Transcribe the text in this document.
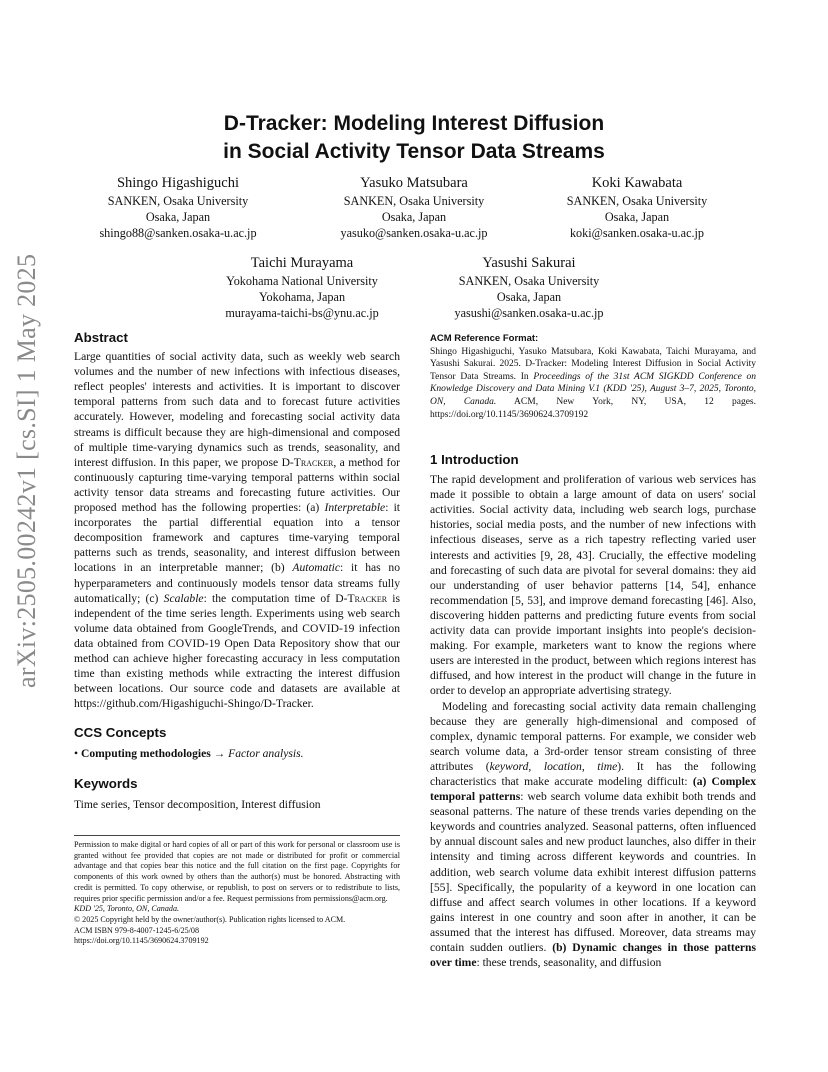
arXiv:2505.00242v1 [cs.SI] 1 May 2025
D-Tracker: Modeling Interest Diffusion
in Social Activity Tensor Data Streams
Shingo Higashiguchi
SANKEN, Osaka University
Osaka, Japan
shingo88@sanken.osaka-u.ac.jp
Yasuko Matsubara
SANKEN, Osaka University
Osaka, Japan
yasuko@sanken.osaka-u.ac.jp
Koki Kawabata
SANKEN, Osaka University
Osaka, Japan
koki@sanken.osaka-u.ac.jp
Taichi Murayama
Yokohama National University
Yokohama, Japan
murayama-taichi-bs@ynu.ac.jp
Yasushi Sakurai
SANKEN, Osaka University
Osaka, Japan
yasushi@sanken.osaka-u.ac.jp
Abstract

Large quantities of social activity data, such as weekly web search volumes and the number of new infections with infectious diseases, reflect peoples' interests and activities. It is important to discover temporal patterns from such data and to forecast future activities accurately. However, modeling and forecasting social activity data streams is difficult because they are high-dimensional and composed of multiple time-varying dynamics such as trends, seasonality, and interest diffusion. In this paper, we propose D-Tracker, a method for continuously capturing time-varying temporal patterns within social activity tensor data streams and forecasting future activities. Our proposed method has the following properties: (a) Interpretable: it incorporates the partial differential equation into a tensor decomposition framework and captures time-varying temporal patterns such as trends, seasonality, and interest diffusion between locations in an interpretable manner; (b) Automatic: it has no hyperparameters and continuously models tensor data streams fully automatically; (c) Scalable: the computation time of D-Tracker is independent of the time series length. Experiments using web search volume data obtained from GoogleTrends, and COVID-19 infection data obtained from COVID-19 Open Data Repository show that our method can achieve higher forecasting accuracy in less computation time than existing methods while extracting the interest diffusion between locations. Our source code and datasets are available at https://github.com/Higashiguchi-Shingo/D-Tracker.

CCS Concepts

• Computing methodologies → Factor analysis.

Keywords

Time series, Tensor decomposition, Interest diffusion

Permission to make digital or hard copies of all or part of this work for personal or classroom use is granted without fee provided that copies are not made or distributed for profit or commercial advantage and that copies bear this notice and the full citation on the first page. Copyrights for components of this work owned by others than the author(s) must be honored. Abstracting with credit is permitted. To copy otherwise, or republish, to post on servers or to redistribute to lists, requires prior specific permission and/or a fee. Request permissions from permissions@acm.org.

KDD '25, Toronto, ON, Canada.

© 2025 Copyright held by the owner/author(s). Publication rights licensed to ACM.

ACM ISBN 979-8-4007-1245-6/25/08

https://doi.org/10.1145/3690624.3709192

ACM Reference Format:

Shingo Higashiguchi, Yasuko Matsubara, Koki Kawabata, Taichi Murayama, and Yasushi Sakurai. 2025. D-Tracker: Modeling Interest Diffusion in Social Activity Tensor Data Streams. In Proceedings of the 31st ACM SIGKDD Conference on Knowledge Discovery and Data Mining V.1 (KDD '25), August 3–7, 2025, Toronto, ON, Canada. ACM, New York, NY, USA, 12 pages. https://doi.org/10.1145/3690624.3709192

1 Introduction

The rapid development and proliferation of various web services has made it possible to obtain a large amount of data on users' social activities. Social activity data, including web search logs, purchase histories, social media posts, and the number of new infections with infectious diseases, serve as a rich tapestry reflecting varied user interests and activities [9, 28, 43]. Crucially, the effective modeling and forecasting of such data are pivotal for several domains: they aid our understanding of user behavior patterns [14, 54], enhance recommendation [5, 53], and improve demand forecasting [46]. Also, discovering hidden patterns and predicting future events from social activity data can provide important insights into people's decision-making. For example, marketers want to know the regions where users are interested in the product, between which regions interest has diffused, and how interest in the product will change in the future in order to develop an appropriate advertising strategy.

Modeling and forecasting social activity data remain challenging because they are generally high-dimensional and composed of complex, dynamic temporal patterns. For example, we consider web search volume data, a 3rd-order tensor stream consisting of three attributes (keyword, location, time). It has the following characteristics that make accurate modeling difficult: (a) Complex temporal patterns: web search volume data exhibit both trends and seasonal patterns. The nature of these trends varies depending on the keywords and countries analyzed. Seasonal patterns, often influenced by annual discount sales and new product launches, also differ in their intensity and timing across different keywords and countries. In addition, web search volume data exhibit interest diffusion patterns [55]. Specifically, the popularity of a keyword in one location can diffuse and affect search volumes in other locations. If a keyword gains interest in one country and soon after in another, it can be assumed that the interest has diffused. Moreover, data streams may contain sudden outliers. (b) Dynamic changes in those patterns over time: these trends, seasonality, and diffusion
